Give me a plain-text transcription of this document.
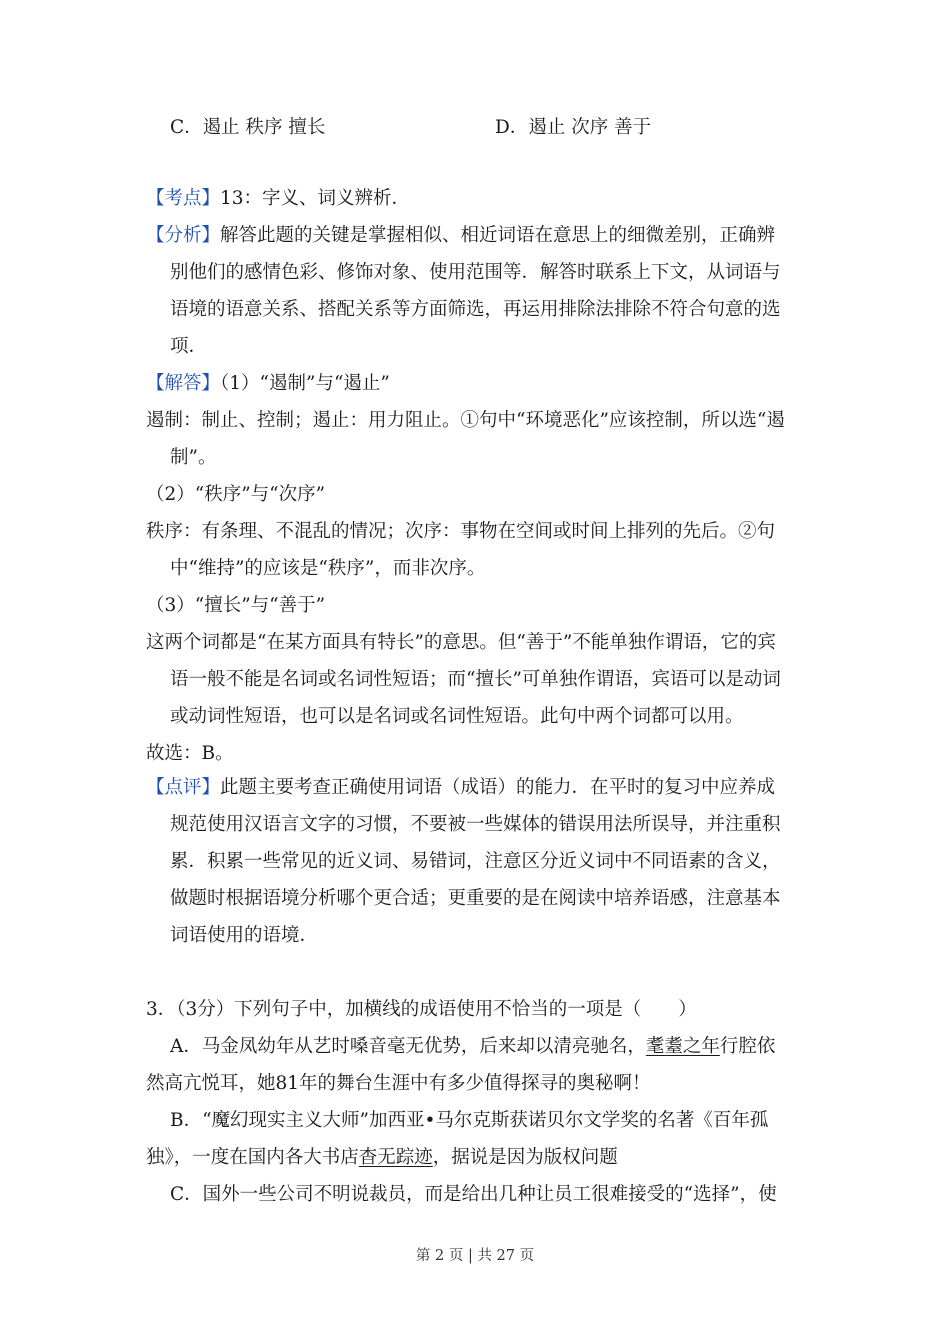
C．遏止 秩序 擅长	D．遏止 次序 善于
【考点】13：字义、词义辨析．
【分析】解答此题的关键是掌握相似、相近词语在意思上的细微差别，正确辨
别他们的感情色彩、修饰对象、使用范围等．解答时联系上下文，从词语与
语境的语意关系、搭配关系等方面筛选，再运用排除法排除不符合句意的选
项．
【解答】（1）“遏制”与“遏止”
遏制：制止、控制；遏止：用力阻止。①句中“环境恶化”应该控制，所以选“遏
制”。
（2）“秩序”与“次序”
秩序：有条理、不混乱的情况；次序：事物在空间或时间上排列的先后。②句
中“维持”的应该是“秩序”，而非次序。
（3）“擅长”与“善于”
这两个词都是“在某方面具有特长”的意思。但“善于”不能单独作谓语，它的宾
语一般不能是名词或名词性短语；而“擅长”可单独作谓语，宾语可以是动词
或动词性短语，也可以是名词或名词性短语。此句中两个词都可以用。
故选：B。
【点评】此题主要考查正确使用词语（成语）的能力．在平时的复习中应养成
规范使用汉语言文字的习惯，不要被一些媒体的错误用法所误导，并注重积
累．积累一些常见的近义词、易错词，注意区分近义词中不同语素的含义，
做题时根据语境分析哪个更合适；更重要的是在阅读中培养语感，注意基本
词语使用的语境．
3．（3分）下列句子中，加横线的成语使用不恰当的一项是（　　）
A．马金凤幼年从艺时嗓音毫无优势，后来却以清亮驰名，耄耋之年行腔依
然高亢悦耳，她81年的舞台生涯中有多少值得探寻的奥秘啊！
B．“魔幻现实主义大师”加西亚•马尔克斯获诺贝尔文学奖的名著《百年孤
独》，一度在国内各大书店杳无踪迹，据说是因为版权问题
C．国外一些公司不明说裁员，而是给出几种让员工很难接受的“选择”，使
第 2 页 | 共 27 页
